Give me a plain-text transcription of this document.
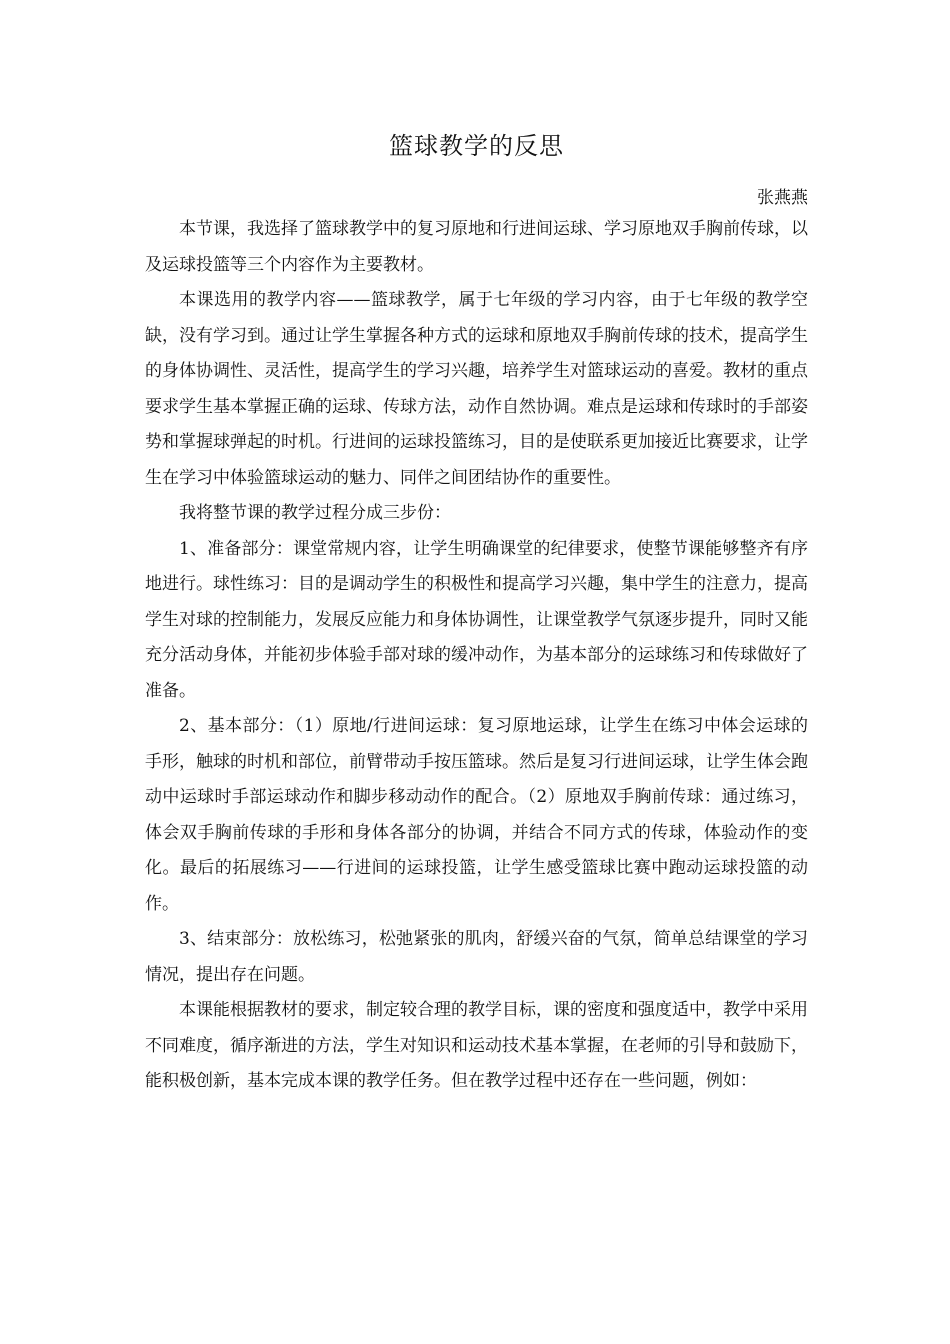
篮球教学的反思

张燕燕

本节课，我选择了篮球教学中的复习原地和行进间运球、学习原地双手胸前传球，以及运球投篮等三个内容作为主要教材。

本课选用的教学内容——篮球教学，属于七年级的学习内容，由于七年级的教学空缺，没有学习到。通过让学生掌握各种方式的运球和原地双手胸前传球的技术，提高学生的身体协调性、灵活性，提高学生的学习兴趣，培养学生对篮球运动的喜爱。教材的重点要求学生基本掌握正确的运球、传球方法，动作自然协调。难点是运球和传球时的手部姿势和掌握球弹起的时机。行进间的运球投篮练习，目的是使联系更加接近比赛要求，让学生在学习中体验篮球运动的魅力、同伴之间团结协作的重要性。

我将整节课的教学过程分成三步份：

1、准备部分：课堂常规内容，让学生明确课堂的纪律要求，使整节课能够整齐有序地进行。球性练习：目的是调动学生的积极性和提高学习兴趣，集中学生的注意力，提高学生对球的控制能力，发展反应能力和身体协调性，让课堂教学气氛逐步提升，同时又能充分活动身体，并能初步体验手部对球的缓冲动作，为基本部分的运球练习和传球做好了准备。

2、基本部分：（1）原地/行进间运球：复习原地运球，让学生在练习中体会运球的手形，触球的时机和部位，前臂带动手按压篮球。然后是复习行进间运球，让学生体会跑动中运球时手部运球动作和脚步移动动作的配合。（2）原地双手胸前传球：通过练习，体会双手胸前传球的手形和身体各部分的协调，并结合不同方式的传球，体验动作的变化。最后的拓展练习——行进间的运球投篮，让学生感受篮球比赛中跑动运球投篮的动作。

3、结束部分：放松练习，松弛紧张的肌肉，舒缓兴奋的气氛，简单总结课堂的学习情况，提出存在问题。

本课能根据教材的要求，制定较合理的教学目标，课的密度和强度适中，教学中采用不同难度，循序渐进的方法，学生对知识和运动技术基本掌握，在老师的引导和鼓励下，能积极创新，基本完成本课的教学任务。但在教学过程中还存在一些问题，例如：
